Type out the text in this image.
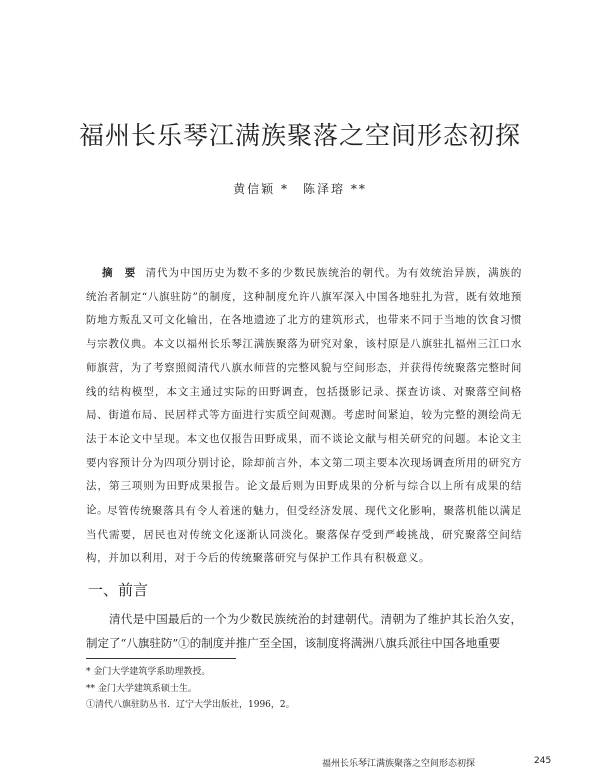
福州长乐琴江满族聚落之空间形态初探
黄信颖 * 陈泽瑢 **

摘 要 清代为中国历史为数不多的少数民族统治的朝代。为有效统治异族，满族的统治者制定“八旗驻防”的制度，这种制度允许八旗军深入中国各地驻扎为营，既有效地预防地方叛乱又可文化输出，在各地遗迹了北方的建筑形式，也带来不同于当地的饮食习惯与宗教仪典。本文以福州长乐琴江满族聚落为研究对象，该村原是八旗驻扎福州三江口水师旗营，为了考察照阅清代八旗水师营的完整风貌与空间形态，并获得传统聚落完整时间线的结构模型，本文主通过实际的田野调查，包括摄影记录、探查访谈、对聚落空间格局、街道布局、民居样式等方面进行实质空间观测。考虑时间紧迫，较为完整的测绘尚无法于本论文中呈现。本文也仅报告田野成果，而不谈论文献与相关研究的问题。本论文主要内容预计分为四项分别讨论，除却前言外，本文第二项主要本次现场调查所用的研究方法，第三项则为田野成果报告。论文最后则为田野成果的分析与综合以上所有成果的结论。

尽管传统聚落具有令人着迷的魅力，但受经济发展、现代文化影响，聚落机能以满足当代需要，居民也对传统文化逐渐认同淡化。聚落保存受到严峻挑战，研究聚落空间结构，并加以利用，对于今后的传统聚落研究与保护工作具有积极意义。

一、前言

清代是中国最后的一个为少数民族统治的封建朝代。清朝为了维护其长治久安，制定了“八旗驻防”①的制度并推广至全国，该制度将满洲八旗兵派往中国各地重要

* 金门大学建筑学系助理教授。
** 金门大学建筑系硕士生。
①清代八旗驻防丛书．辽宁大学出版社，1996，2。
福州长乐琴江满族聚落之空间形态初探	245
